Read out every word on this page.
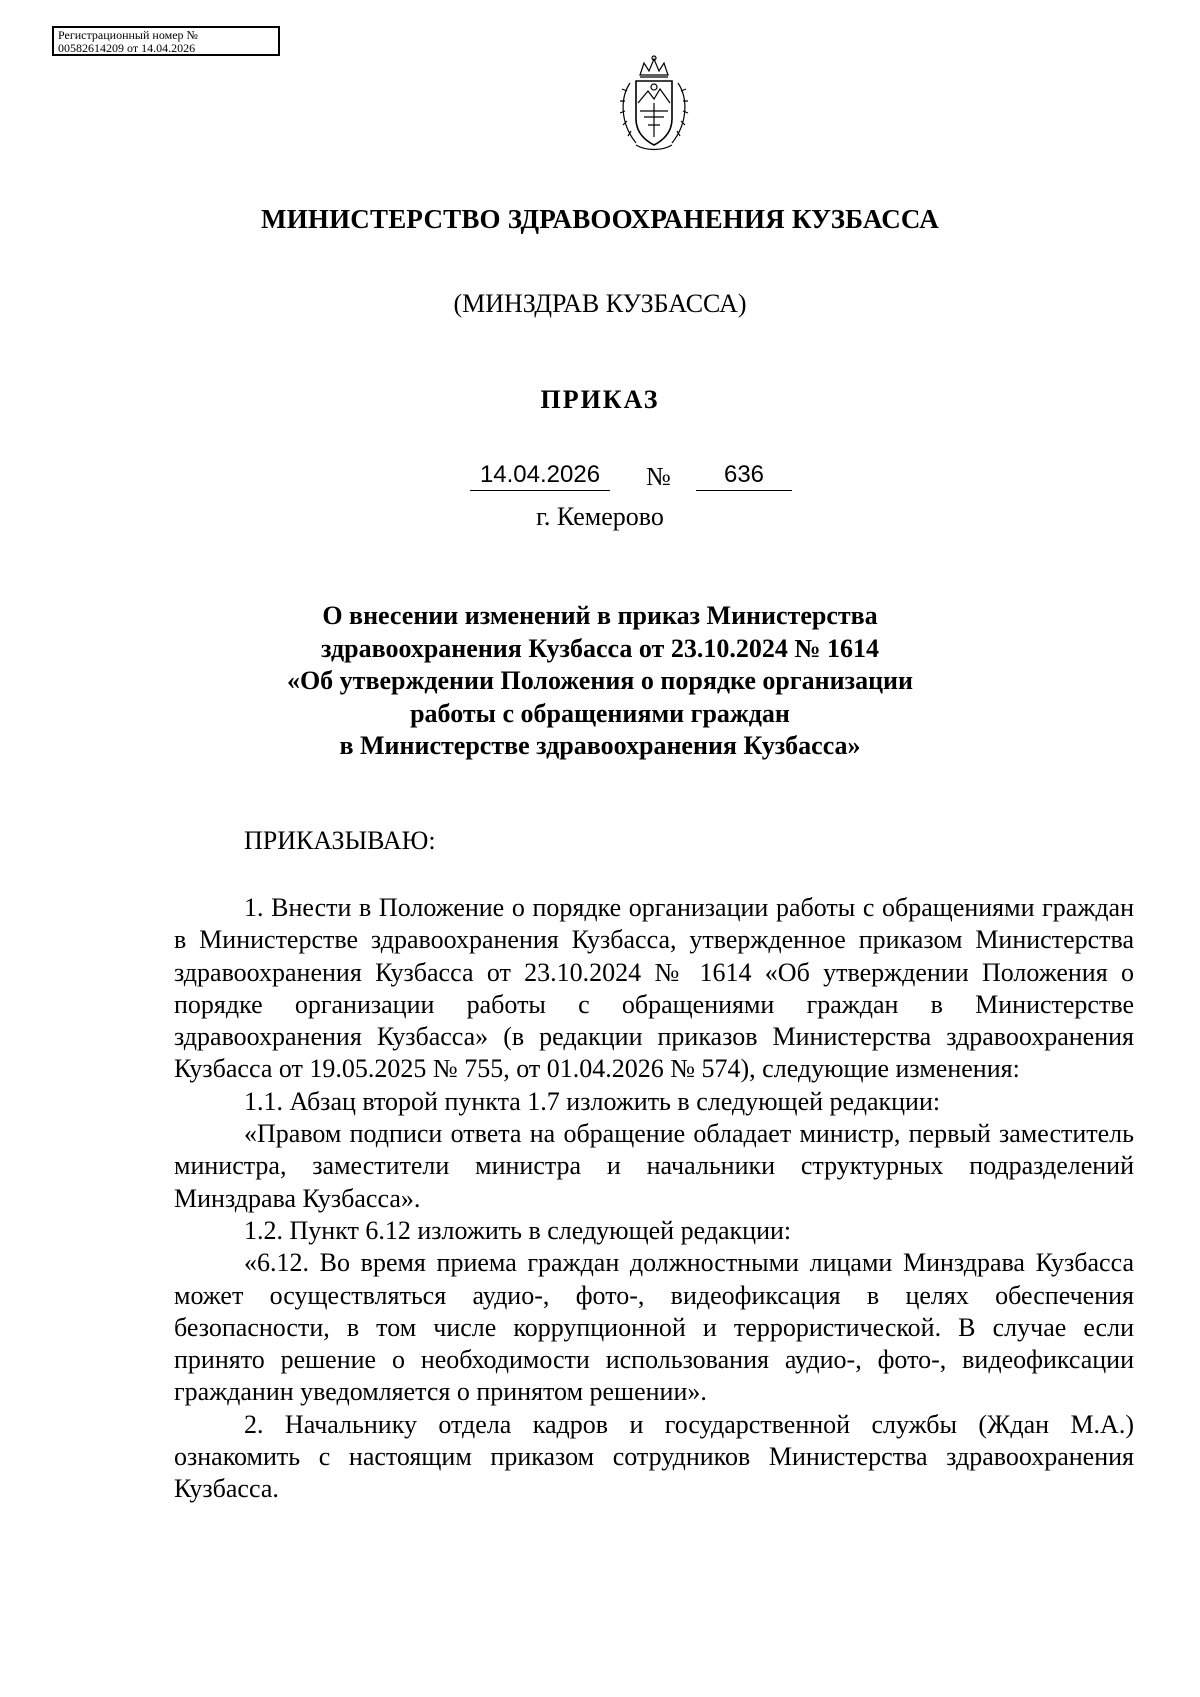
Регистрационный номер №
00582614209 от 14.04.2026
МИНИСТЕРСТВО ЗДРАВООХРАНЕНИЯ КУЗБАССА
(МИНЗДРАВ КУЗБАССА)
ПРИКАЗ
14.04.2026	№	636
г. Кемерово
О внесении изменений в приказ Министерства
здравоохранения Кузбасса от 23.10.2024 № 1614
«Об утверждении Положения о порядке организации
работы с обращениями граждан
в Министерстве здравоохранения Кузбасса»
ПРИКАЗЫВАЮ:

1. Внести в Положение о порядке организации работы с обращениями граждан в Министерстве здравоохранения Кузбасса, утвержденное приказом Министерства здравоохранения Кузбасса от 23.10.2024 № 1614 «Об утверждении Положения о порядке организации работы с обращениями граждан в Министерстве здравоохранения Кузбасса» (в редакции приказов Министерства здравоохранения Кузбасса от 19.05.2025 № 755, от 01.04.2026 № 574), следующие изменения:

1.1. Абзац второй пункта 1.7 изложить в следующей редакции:

«Правом подписи ответа на обращение обладает министр, первый заместитель министра, заместители министра и начальники структурных подразделений Минздрава Кузбасса».

1.2. Пункт 6.12 изложить в следующей редакции:

«6.12. Во время приема граждан должностными лицами Минздрава Кузбасса может осуществляться аудио-, фото-, видеофиксация в целях обеспечения безопасности, в том числе коррупционной и террористической. В случае если принято решение о необходимости использования аудио-, фото-, видеофиксации гражданин уведомляется о принятом решении».

2. Начальнику отдела кадров и государственной службы (Ждан М.А.) ознакомить с настоящим приказом сотрудников Министерства здравоохранения Кузбасса.
